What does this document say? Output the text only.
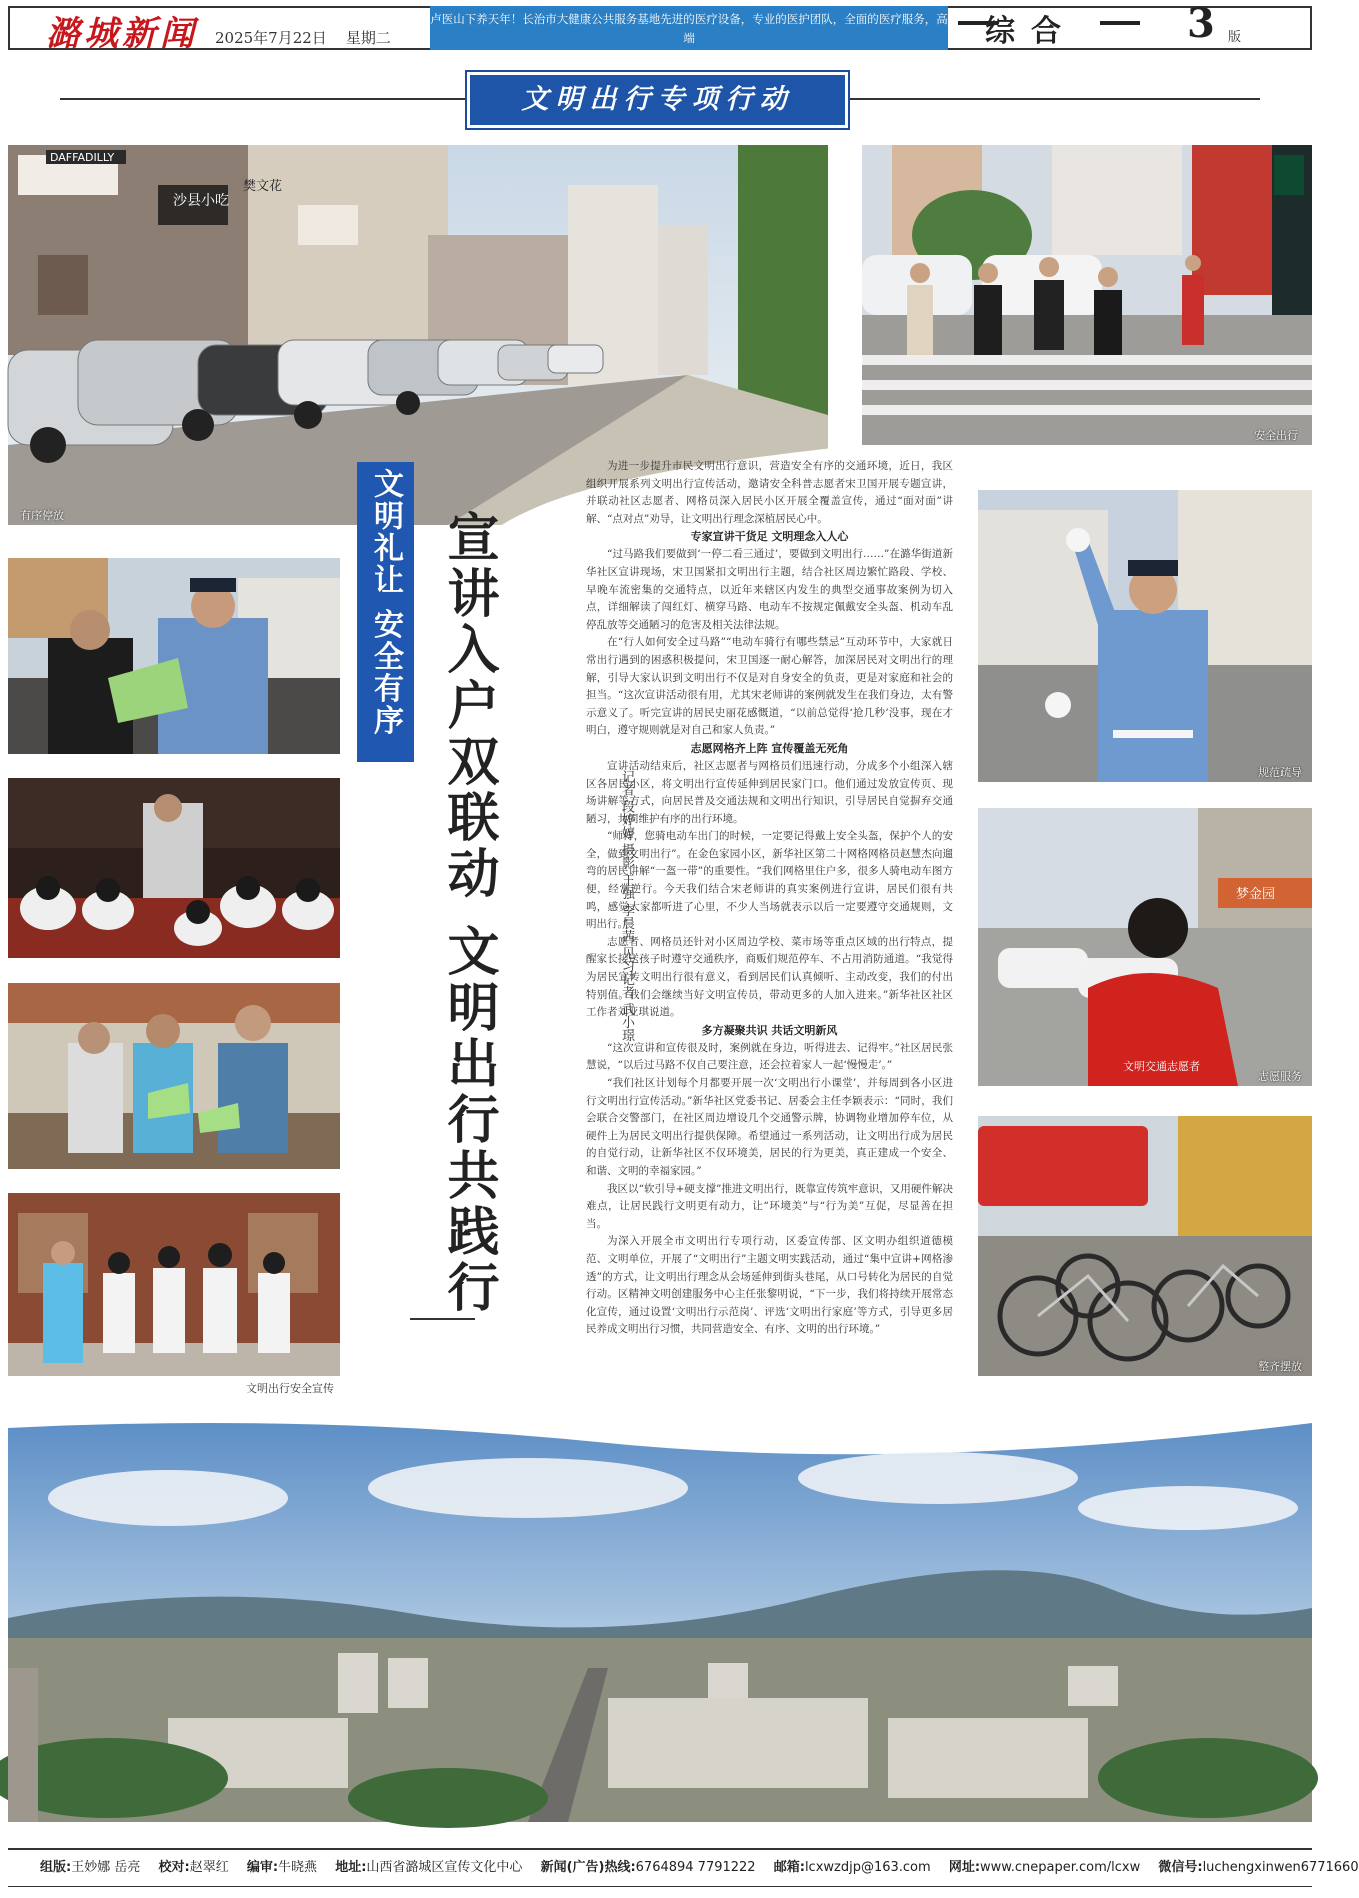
潞城新闻 2025年7月22日 星期二
卢医山下养天年！长治市大健康公共服务基地先进的医疗设备，专业的医护团队，全面的医疗服务，高端
的康复设施，舒适的生活环境，一键式智慧呼叫，让每一个大健康人，健康生活。联系电话:0355-
综合	3 版
文明出行专项行动
DAFFADILLY
沙县小吃
樊文花
有序停放
安全出行
文明出行安全宣传
规范疏导
文明交通志愿者
梦金园
志愿服务
整齐摆放
文明礼让 安全有序 宣讲入户双联动 文明出行共践行	记者 段婷婷 摄影 王强 李晨茜 见习记者 武小璟

为进一步提升市民文明出行意识，营造安全有序的交通环境，近日，我区组织开展系列文明出行宣传活动，邀请安全科普志愿者宋卫国开展专题宣讲，并联动社区志愿者、网格员深入居民小区开展全覆盖宣传，通过“面对面”讲解、“点对点”劝导，让文明出行理念深植居民心中。

专家宣讲干货足 文明理念入人心

“过马路我们要做到‘一停二看三通过’，要做到文明出行……”在潞华街道新华社区宣讲现场，宋卫国紧扣文明出行主题，结合社区周边繁忙路段、学校、早晚车流密集的交通特点，以近年来辖区内发生的典型交通事故案例为切入点，详细解读了闯红灯、横穿马路、电动车不按规定佩戴安全头盔、机动车乱停乱放等交通陋习的危害及相关法律法规。

在“行人如何安全过马路”“电动车骑行有哪些禁忌”互动环节中，大家就日常出行遇到的困惑积极提问，宋卫国逐一耐心解答，加深居民对文明出行的理解，引导大家认识到文明出行不仅是对自身安全的负责，更是对家庭和社会的担当。“这次宣讲活动很有用，尤其宋老师讲的案例就发生在我们身边，太有警示意义了。听完宣讲的居民史丽花感慨道，“以前总觉得‘抢几秒’没事，现在才明白，遵守规则就是对自己和家人负责。”

志愿网格齐上阵 宣传覆盖无死角

宣讲活动结束后，社区志愿者与网格员们迅速行动，分成多个小组深入辖区各居民小区，将文明出行宣传延伸到居民家门口。他们通过发放宣传页、现场讲解等方式，向居民普及交通法规和文明出行知识，引导居民自觉摒弃交通陋习，共同维护有序的出行环境。

“师傅，您骑电动车出门的时候，一定要记得戴上安全头盔，保护个人的安全，做到文明出行”。在金色家园小区，新华社区第二十网格网格员赵慧杰向遛弯的居民讲解“一盔一带”的重要性。“我们网格里住户多，很多人骑电动车图方便，经常逆行。今天我们结合宋老师讲的真实案例进行宣讲，居民们很有共鸣，感觉大家都听进了心里，不少人当场就表示以后一定要遵守交通规则，文明出行。”

志愿者、网格员还针对小区周边学校、菜市场等重点区域的出行特点，提醒家长接送孩子时遵守交通秩序，商贩们规范停车、不占用消防通道。“我觉得为居民宣传文明出行很有意义，看到居民们认真倾听、主动改变，我们的付出特别值。我们会继续当好文明宣传员，带动更多的人加入进来。”新华社区社区工作者刘亚琪说道。

多方凝聚共识 共话文明新风

“这次宣讲和宣传很及时，案例就在身边，听得进去、记得牢。”社区居民张慧说，“以后过马路不仅自己要注意，还会拉着家人一起‘慢慢走’。”

“我们社区计划每个月都要开展一次‘文明出行小课堂’，并每周到各小区进行文明出行宣传活动。”新华社区党委书记、居委会主任李颖表示：“同时，我们会联合交警部门，在社区周边增设几个交通警示牌，协调物业增加停车位，从硬件上为居民文明出行提供保障。希望通过一系列活动，让文明出行成为居民的自觉行动，让新华社区不仅环境美，居民的行为更美，真正建成一个安全、和谐、文明的幸福家园。”

我区以“软引导+硬支撑”推进文明出行，既靠宣传筑牢意识，又用硬件解决难点，让居民践行文明更有动力，让“环境美”与“行为美”互促，尽显善在担当。

为深入开展全市文明出行专项行动，区委宣传部、区文明办组织道德模范、文明单位，开展了“文明出行”主题文明实践活动，通过“集中宣讲+网格渗透”的方式，让文明出行理念从会场延伸到街头巷尾，从口号转化为居民的自觉行动。区精神文明创建服务中心主任张黎明说，“下一步，我们将持续开展常态化宣传，通过设置‘文明出行示范岗’、评选‘文明出行家庭’等方式，引导更多居民养成文明出行习惯，共同营造安全、有序、文明的出行环境。”

组版:王妙娜 岳亮 校对:赵翠红 编审:牛晓燕 地址:山西省潞城区宣传文化中心 新闻(广告)热线:6764894 7791222 邮箱:lcxwzdjp@163.com 网址:www.cnepaper.com/lcxw 微信号:luchengxinwen6771660
